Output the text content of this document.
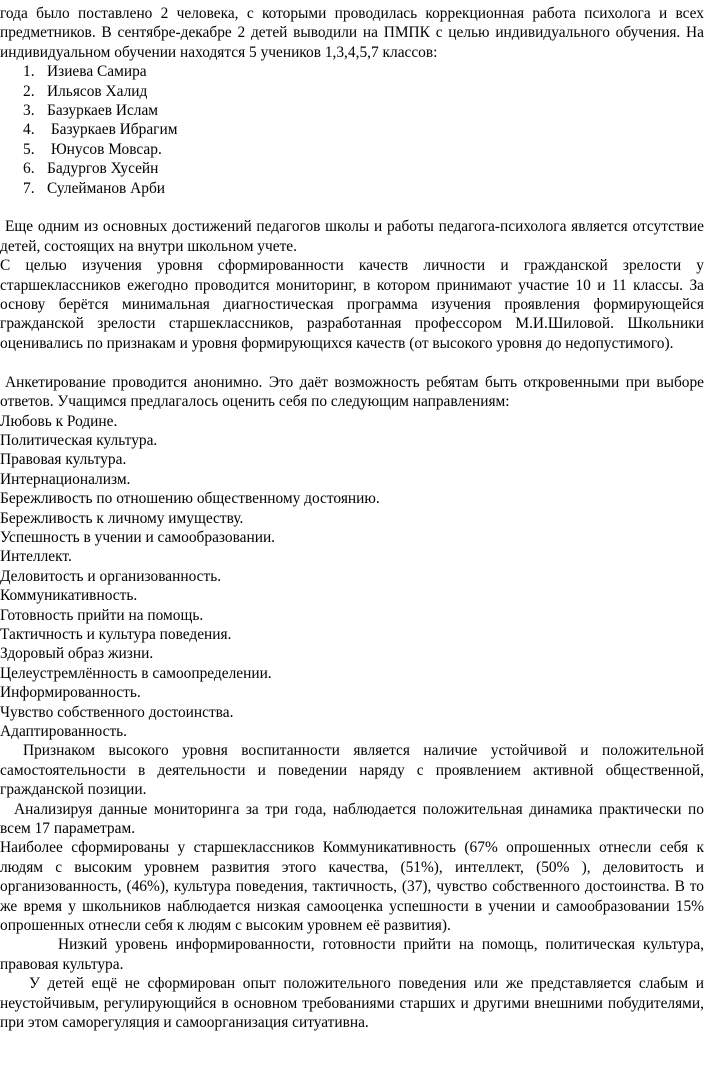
года было поставлено 2 человека, с которыми проводилась коррекционная работа психолога и всех предметников. В сентябре-декабре 2 детей выводили на ПМПК с целью индивидуального обучения. На индивидуальном обучении находятся 5 учеников 1,3,4,5,7 классов:

1. Изиева Самира
2. Ильясов Халид
3. Базуркаев Ислам
4. Базуркаев Ибрагим
5. Юнусов Мовсар.
6. Бадургов Хусейн
7. Сулейманов Арби

Еще одним из основных достижений педагогов школы и работы педагога-психолога является отсутствие детей, состоящих на внутри школьном учете.

С целью изучения уровня сформированности качеств личности и гражданской зрелости у старшеклассников ежегодно проводится мониторинг, в котором принимают участие 10 и 11 классы. За основу берётся минимальная диагностическая программа изучения проявления формирующейся гражданской зрелости старшеклассников, разработанная профессором М.И.Шиловой. Школьники оценивались по признакам и уровня формирующихся качеств (от высокого уровня до недопустимого).

Анкетирование проводится анонимно. Это даёт возможность ребятам быть откровенными при выборе ответов. Учащимся предлагалось оценить себя по следующим направлениям:

Любовь к Родине.

Политическая культура.

Правовая культура.

Интернационализм.

Бережливость по отношению общественному достоянию.

Бережливость к личному имуществу.

Успешность в учении и самообразовании.

Интеллект.

Деловитость и организованность.

Коммуникативность.

Готовность прийти на помощь.

Тактичность и культура поведения.

Здоровый образ жизни.

Целеустремлённость в самоопределении.

Информированность.

Чувство собственного достоинства.

Адаптированность.

Признаком высокого уровня воспитанности является наличие устойчивой и положительной самостоятельности в деятельности и поведении наряду с проявлением активной общественной, гражданской позиции.

Анализируя данные мониторинга за три года, наблюдается положительная динамика практически по всем 17 параметрам.

Наиболее сформированы у старшеклассников Коммуникативность (67% опрошенных отнесли себя к людям с высоким уровнем развития этого качества, (51%), интеллект, (50% ), деловитость и организованность, (46%), культура поведения, тактичность, (37), чувство собственного достоинства. В то же время у школьников наблюдается низкая самооценка успешности в учении и самообразовании 15% опрошенных отнесли себя к людям с высоким уровнем её развития).

Низкий уровень информированности, готовности прийти на помощь, политическая культура, правовая культура.

У детей ещё не сформирован опыт положительного поведения или же представляется слабым и неустойчивым, регулирующийся в основном требованиями старших и другими внешними побудителями, при этом саморегуляция и самоорганизация ситуативна.
